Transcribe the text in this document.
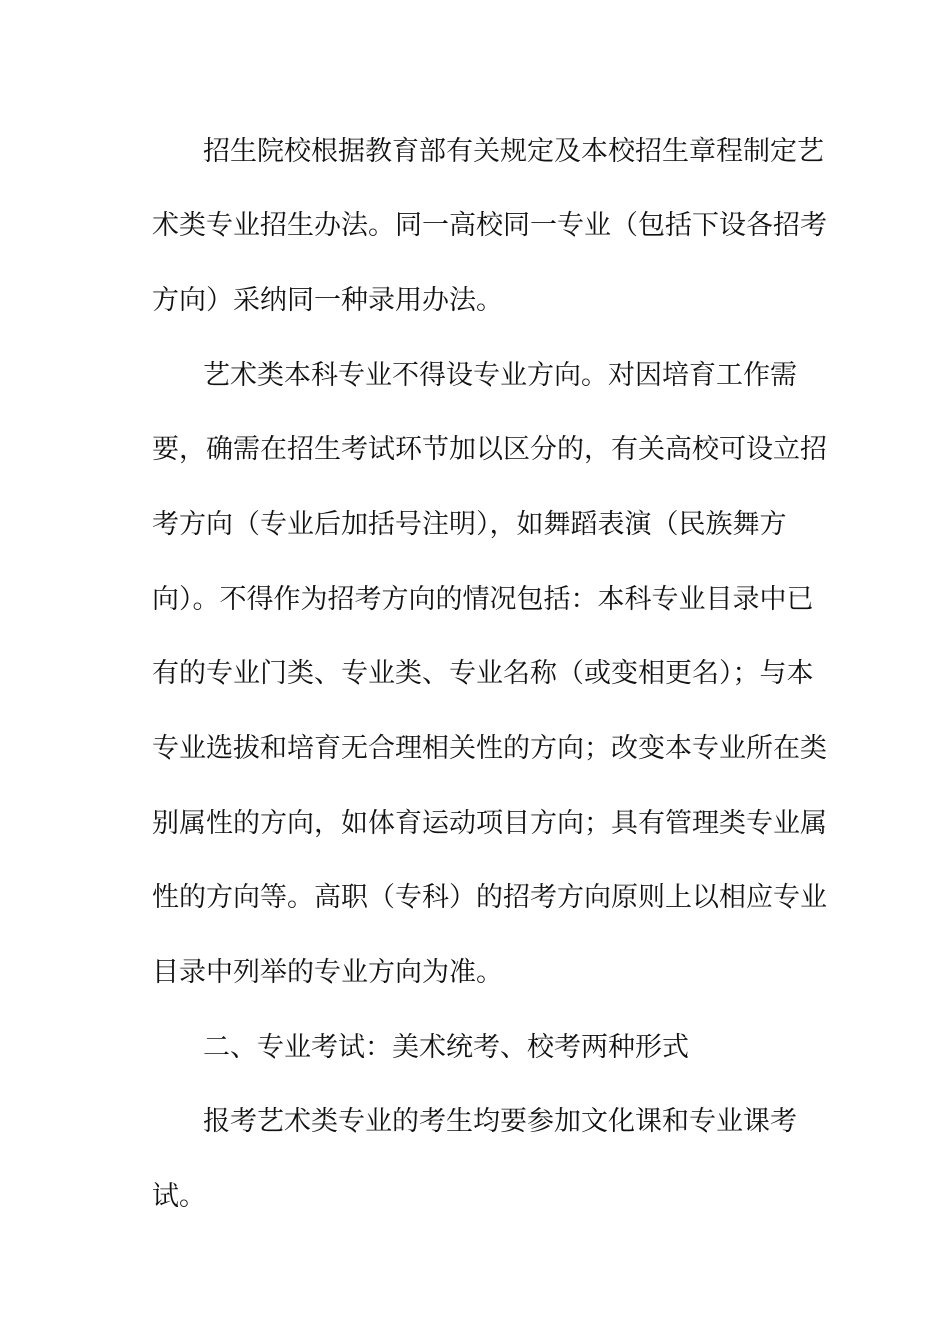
招生院校根据教育部有关规定及本校招生章程制定艺
术类专业招生办法。同一高校同一专业（包括下设各招考
方向）采纳同一种录用办法。
艺术类本科专业不得设专业方向。对因培育工作需
要，确需在招生考试环节加以区分的，有关高校可设立招
考方向（专业后加括号注明），如舞蹈表演（民族舞方
向）。不得作为招考方向的情况包括：本科专业目录中已
有的专业门类、专业类、专业名称（或变相更名）；与本
专业选拔和培育无合理相关性的方向；改变本专业所在类
别属性的方向，如体育运动项目方向；具有管理类专业属
性的方向等。高职（专科）的招考方向原则上以相应专业
目录中列举的专业方向为准。
二、专业考试：美术统考、校考两种形式
报考艺术类专业的考生均要参加文化课和专业课考
试。
